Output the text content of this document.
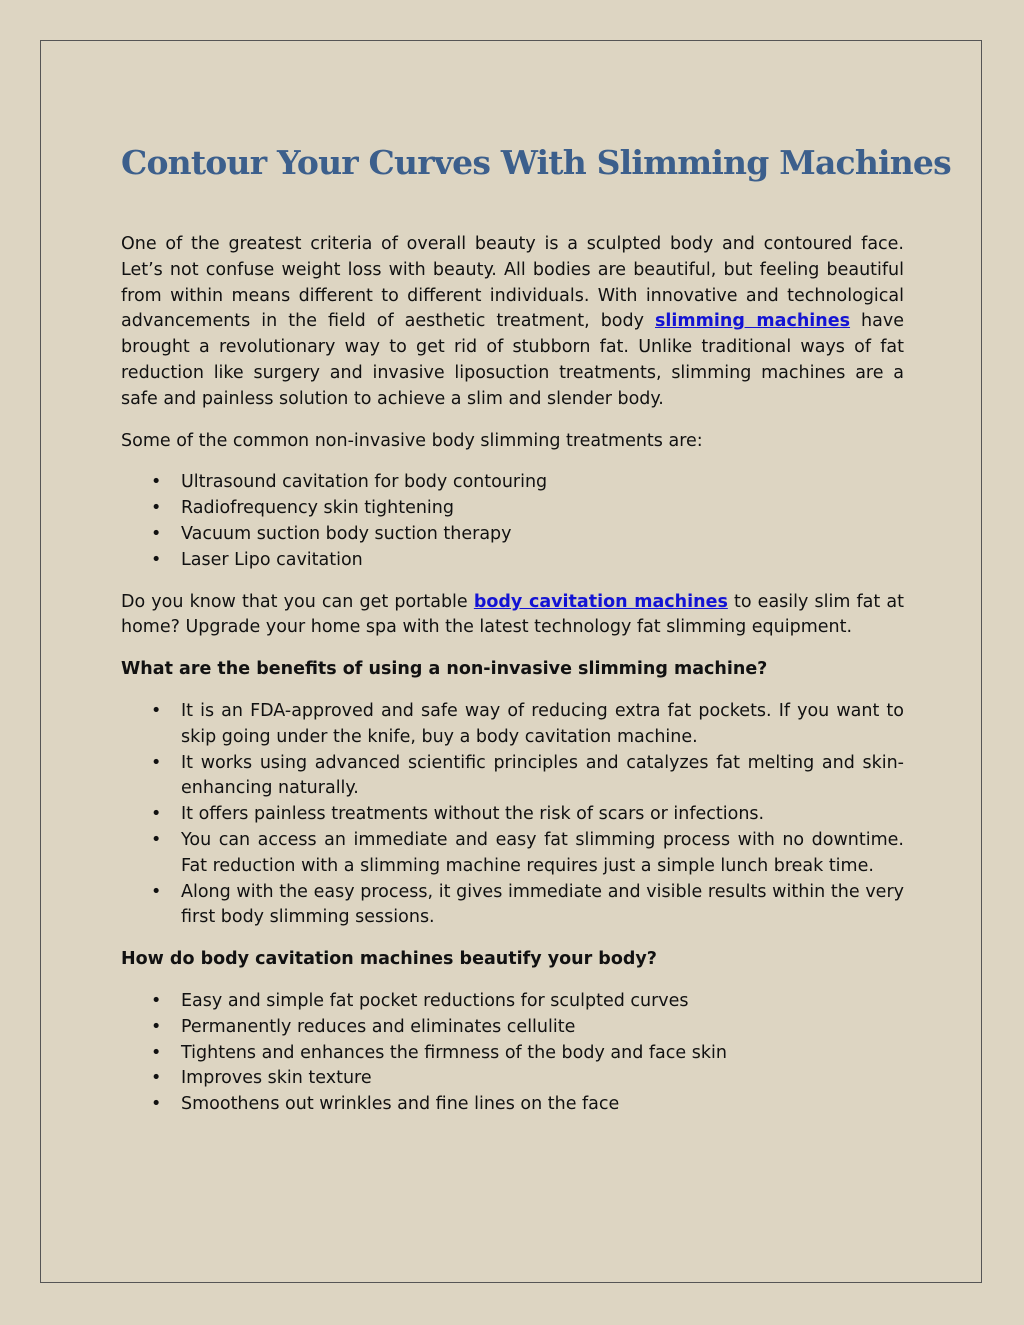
Contour Your Curves With Slimming Machines

One of the greatest criteria of overall beauty is a sculpted body and contoured face. Let’s not confuse weight loss with beauty. All bodies are beautiful, but feeling beautiful from within means different to different individuals. With innovative and technological advancements in the field of aesthetic treatment, body slimming machines have brought a revolutionary way to get rid of stubborn fat. Unlike traditional ways of fat reduction like surgery and invasive liposuction treatments, slimming machines are a safe and painless solution to achieve a slim and slender body.

Some of the common non-invasive body slimming treatments are:

• Ultrasound cavitation for body contouring
• Radiofrequency skin tightening
• Vacuum suction body suction therapy
• Laser Lipo cavitation

Do you know that you can get portable body cavitation machines to easily slim fat at home? Upgrade your home spa with the latest technology fat slimming equipment.

What are the benefits of using a non-invasive slimming machine?

• It is an FDA-approved and safe way of reducing extra fat pockets. If you want to skip going under the knife, buy a body cavitation machine.
• It works using advanced scientific principles and catalyzes fat melting and skin-enhancing naturally.
• It offers painless treatments without the risk of scars or infections.
• You can access an immediate and easy fat slimming process with no downtime. Fat reduction with a slimming machine requires just a simple lunch break time.
• Along with the easy process, it gives immediate and visible results within the very first body slimming sessions.

How do body cavitation machines beautify your body?

• Easy and simple fat pocket reductions for sculpted curves
• Permanently reduces and eliminates cellulite
• Tightens and enhances the firmness of the body and face skin
• Improves skin texture
• Smoothens out wrinkles and fine lines on the face
